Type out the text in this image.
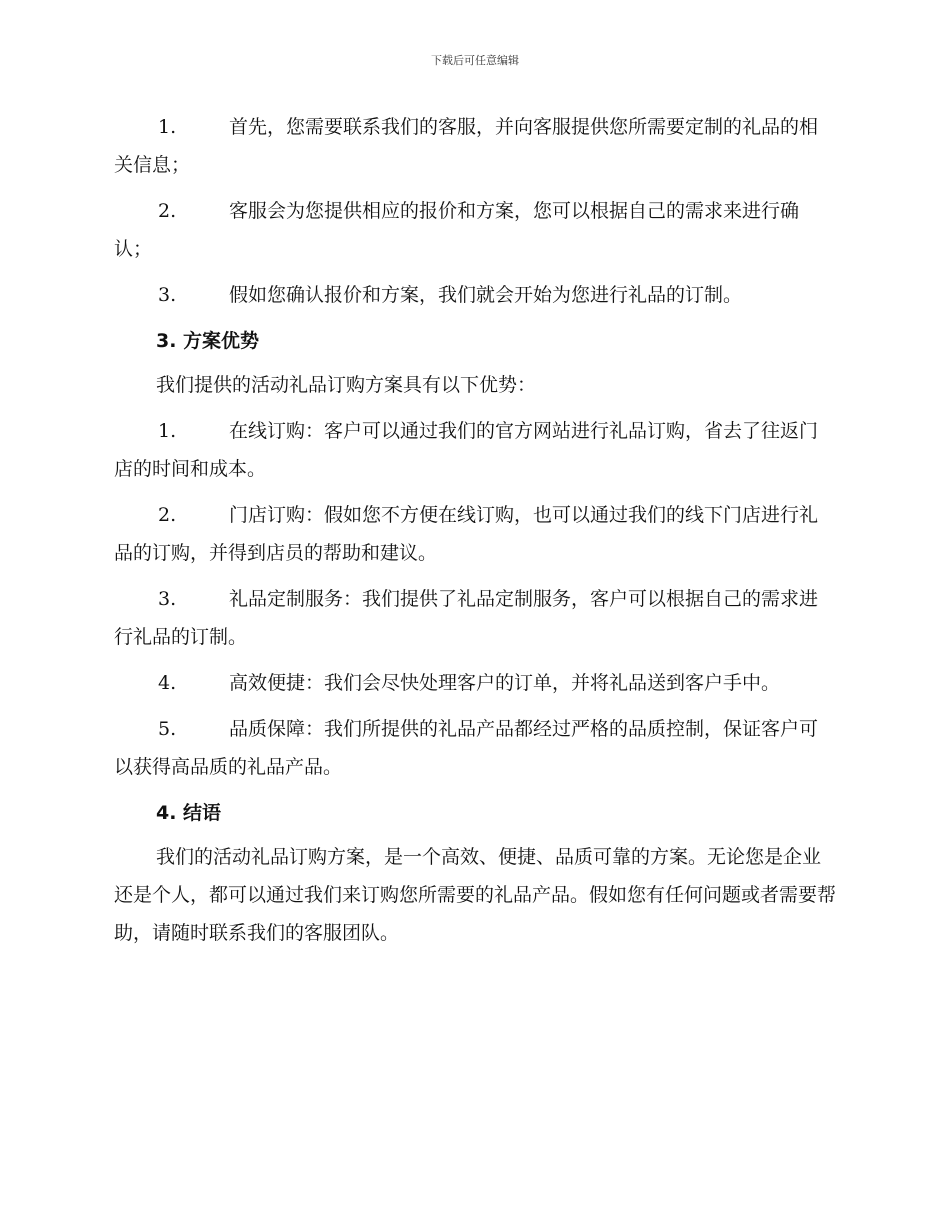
下载后可任意编辑
1.	首先，您需要联系我们的客服，并向客服提供您所需要定制的礼品的相关信息；
2.	客服会为您提供相应的报价和方案，您可以根据自己的需求来进行确认；
3.	假如您确认报价和方案，我们就会开始为您进行礼品的订制。
3. 方案优势
我们提供的活动礼品订购方案具有以下优势：
1.	在线订购：客户可以通过我们的官方网站进行礼品订购，省去了往返门店的时间和成本。
2.	门店订购：假如您不方便在线订购，也可以通过我们的线下门店进行礼品的订购，并得到店员的帮助和建议。
3.	礼品定制服务：我们提供了礼品定制服务，客户可以根据自己的需求进行礼品的订制。
4.	高效便捷：我们会尽快处理客户的订单，并将礼品送到客户手中。
5.	品质保障：我们所提供的礼品产品都经过严格的品质控制，保证客户可以获得高品质的礼品产品。
4. 结语
我们的活动礼品订购方案，是一个高效、便捷、品质可靠的方案。无论您是企业还是个人，都可以通过我们来订购您所需要的礼品产品。假如您有任何问题或者需要帮助，请随时联系我们的客服团队。
